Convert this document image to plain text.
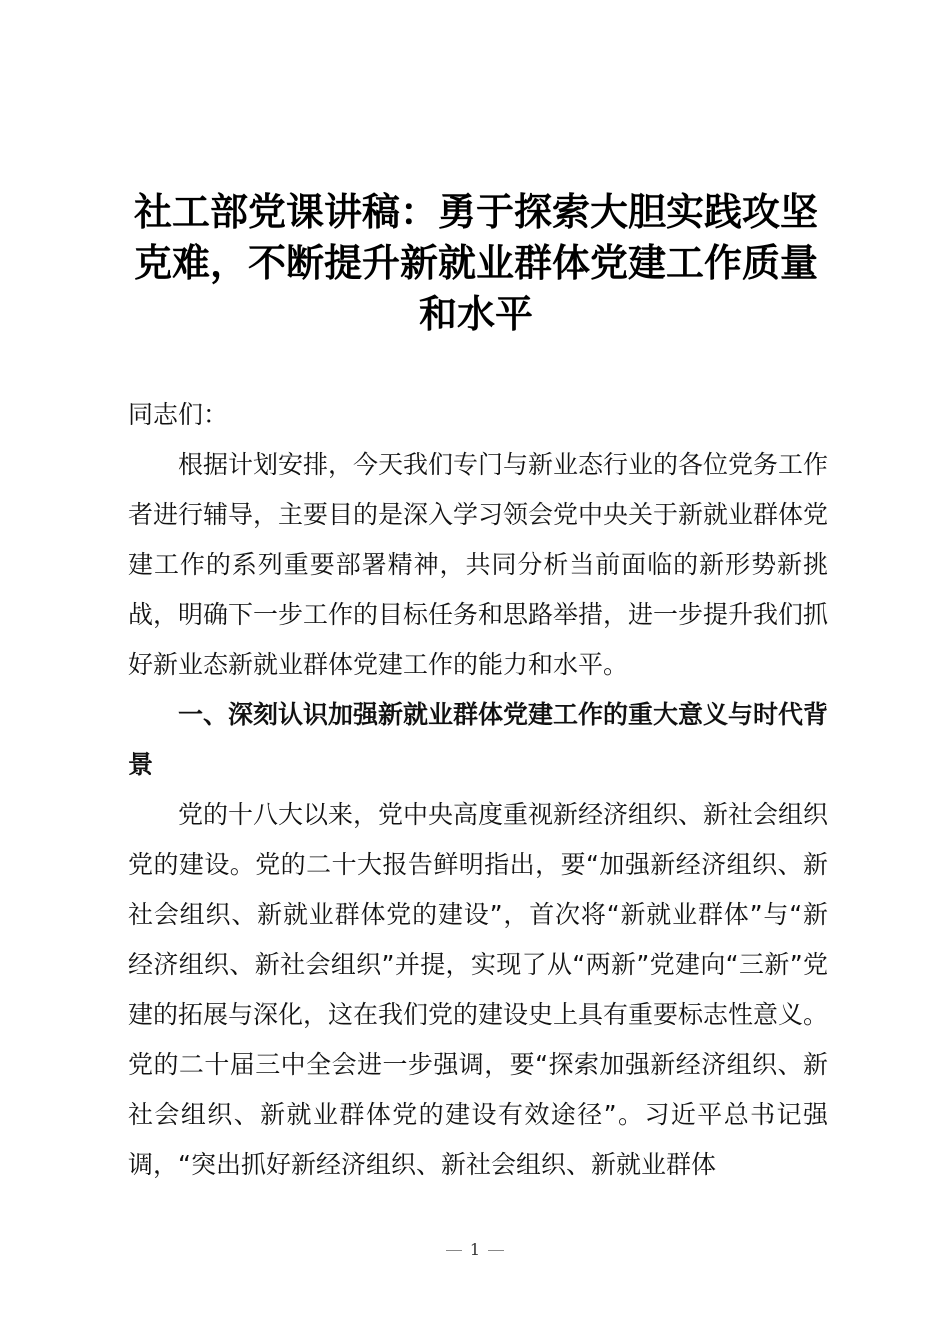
社工部党课讲稿：勇于探索大胆实践攻坚克难，不断提升新就业群体党建工作质量和水平

同志们：

根据计划安排，今天我们专门与新业态行业的各位党务工作者进行辅导，主要目的是深入学习领会党中央关于新就业群体党建工作的系列重要部署精神，共同分析当前面临的新形势新挑战，明确下一步工作的目标任务和思路举措，进一步提升我们抓好新业态新就业群体党建工作的能力和水平。

一、深刻认识加强新就业群体党建工作的重大意义与时代背景

党的十八大以来，党中央高度重视新经济组织、新社会组织党的建设。党的二十大报告鲜明指出，要“加强新经济组织、新社会组织、新就业群体党的建设”，首次将“新就业群体”与“新经济组织、新社会组织”并提，实现了从“两新”党建向“三新”党建的拓展与深化，这在我们党的建设史上具有重要标志性意义。党的二十届三中全会进一步强调，要“探索加强新经济组织、新社会组织、新就业群体党的建设有效途径”。习近平总书记强调，“突出抓好新经济组织、新社会组织、新就业群体

1
